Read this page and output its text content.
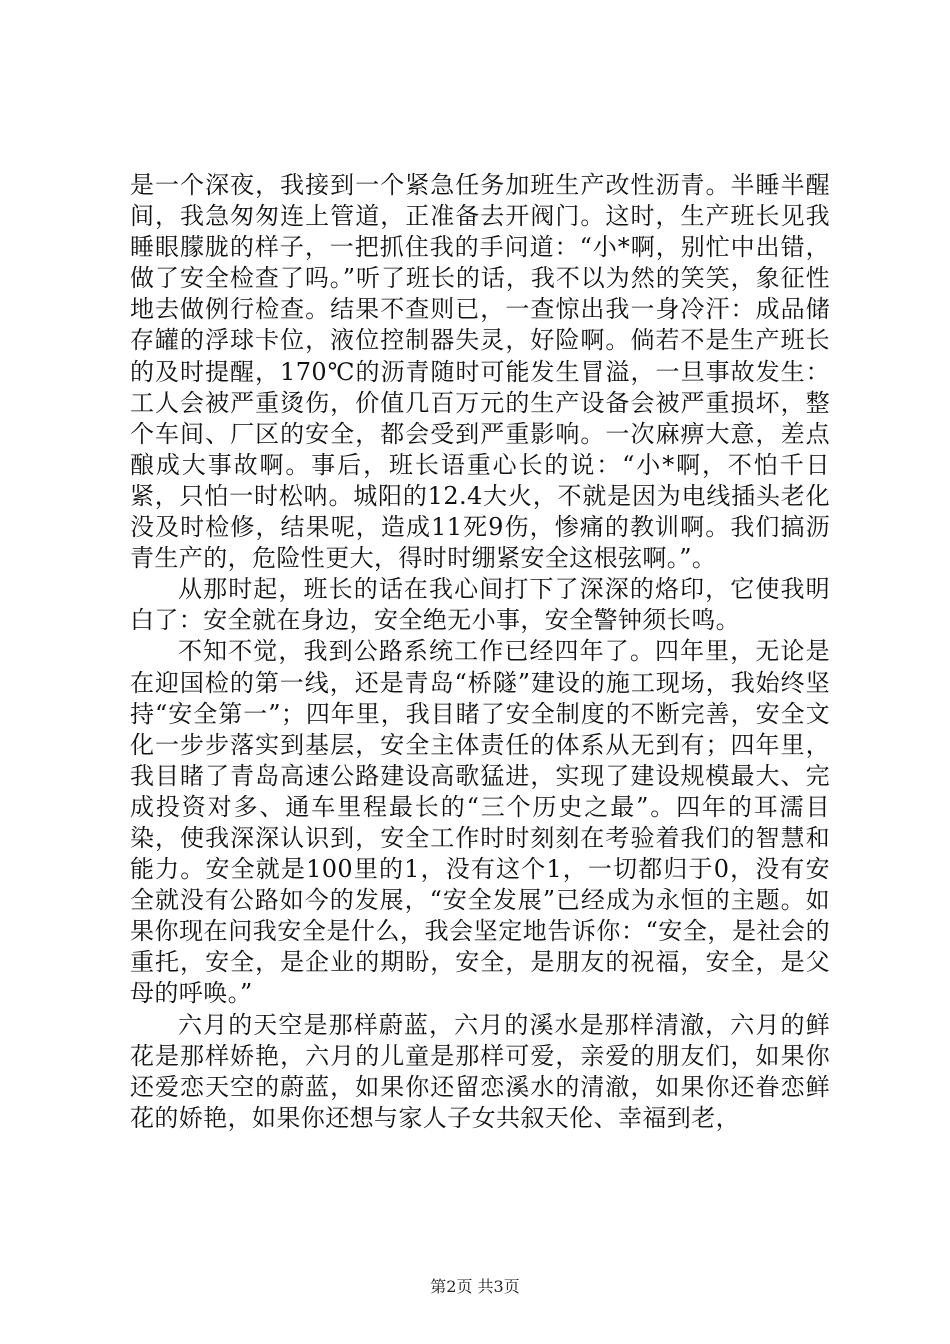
是一个深夜，我接到一个紧急任务加班生产改性沥青。半睡半醒间，我急匆匆连上管道，正准备去开阀门。这时，生产班长见我睡眼朦胧的样子，一把抓住我的手问道：“小*啊，别忙中出错，做了安全检查了吗。”听了班长的话，我不以为然的笑笑，象征性地去做例行检查。结果不查则已，一查惊出我一身冷汗：成品储存罐的浮球卡位，液位控制器失灵，好险啊。倘若不是生产班长的及时提醒，170℃的沥青随时可能发生冒溢，一旦事故发生：工人会被严重烫伤，价值几百万元的生产设备会被严重损坏，整个车间、厂区的安全，都会受到严重影响。一次麻痹大意，差点酿成大事故啊。事后，班长语重心长的说：“小*啊，不怕千日紧，只怕一时松呐。城阳的12.4大火，不就是因为电线插头老化没及时检修，结果呢，造成11死9伤，惨痛的教训啊。我们搞沥青生产的，危险性更大，得时时绷紧安全这根弦啊。”。

从那时起，班长的话在我心间打下了深深的烙印，它使我明白了：安全就在身边，安全绝无小事，安全警钟须长鸣。

不知不觉，我到公路系统工作已经四年了。四年里，无论是在迎国检的第一线，还是青岛“桥隧”建设的施工现场，我始终坚持“安全第一”；四年里，我目睹了安全制度的不断完善，安全文化一步步落实到基层，安全主体责任的体系从无到有；四年里，我目睹了青岛高速公路建设高歌猛进，实现了建设规模最大、完成投资对多、通车里程最长的“三个历史之最”。四年的耳濡目染，使我深深认识到，安全工作时时刻刻在考验着我们的智慧和能力。安全就是100里的1，没有这个1，一切都归于0，没有安全就没有公路如今的发展，“安全发展”已经成为永恒的主题。如果你现在问我安全是什么，我会坚定地告诉你：“安全，是社会的重托，安全，是企业的期盼，安全，是朋友的祝福，安全，是父母的呼唤。”

六月的天空是那样蔚蓝，六月的溪水是那样清澈，六月的鲜花是那样娇艳，六月的儿童是那样可爱，亲爱的朋友们，如果你还爱恋天空的蔚蓝，如果你还留恋溪水的清澈，如果你还眷恋鲜花的娇艳，如果你还想与家人子女共叙天伦、幸福到老，

第2页 共3页
